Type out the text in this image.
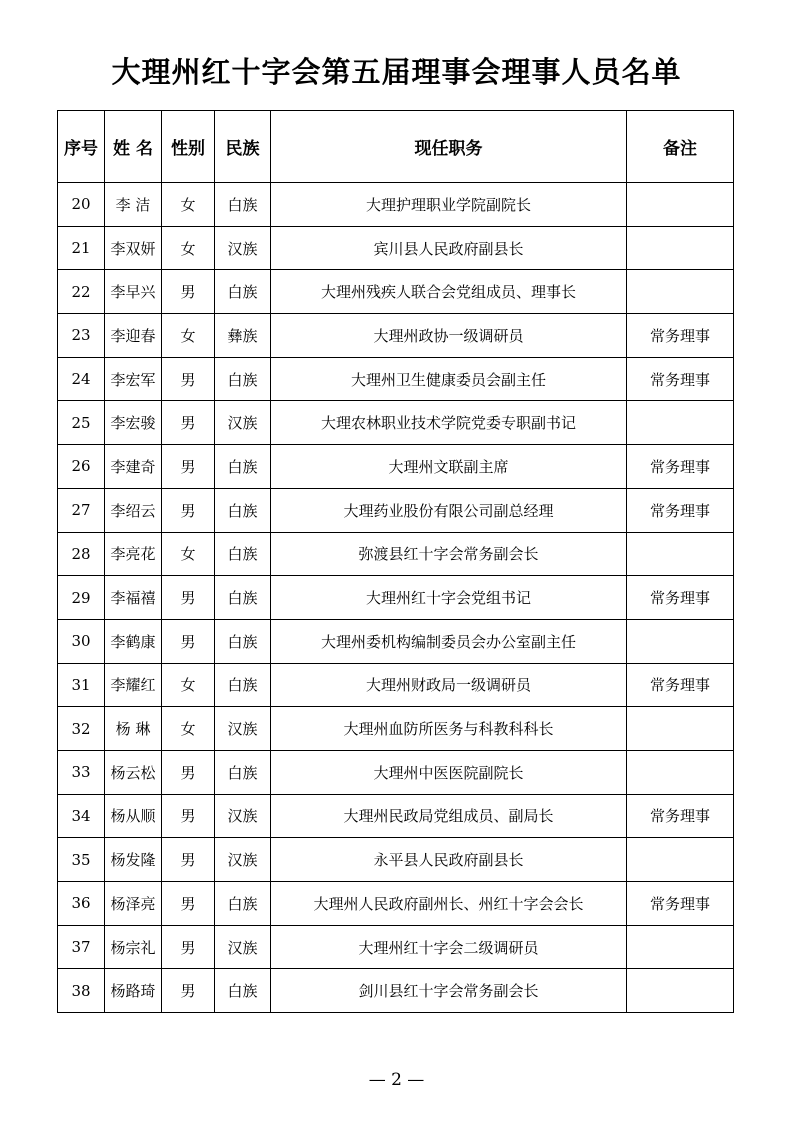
大理州红十字会第五届理事会理事人员名单
序号	姓 名	性别	民族	现任职务	备注
20	李 洁	女	白族	大理护理职业学院副院长	
21	李双妍	女	汉族	宾川县人民政府副县长	
22	李早兴	男	白族	大理州残疾人联合会党组成员、理事长	
23	李迎春	女	彝族	大理州政协一级调研员	常务理事
24	李宏军	男	白族	大理州卫生健康委员会副主任	常务理事
25	李宏骏	男	汉族	大理农林职业技术学院党委专职副书记	
26	李建奇	男	白族	大理州文联副主席	常务理事
27	李绍云	男	白族	大理药业股份有限公司副总经理	常务理事
28	李亮花	女	白族	弥渡县红十字会常务副会长	
29	李福禧	男	白族	大理州红十字会党组书记	常务理事
30	李鹤康	男	白族	大理州委机构编制委员会办公室副主任	
31	李耀红	女	白族	大理州财政局一级调研员	常务理事
32	杨 琳	女	汉族	大理州血防所医务与科教科科长	
33	杨云松	男	白族	大理州中医医院副院长	
34	杨从顺	男	汉族	大理州民政局党组成员、副局长	常务理事
35	杨发隆	男	汉族	永平县人民政府副县长	
36	杨泽亮	男	白族	大理州人民政府副州长、州红十字会会长	常务理事
37	杨宗礼	男	汉族	大理州红十字会二级调研员	
38	杨路琦	男	白族	剑川县红十字会常务副会长	
— 2 —
